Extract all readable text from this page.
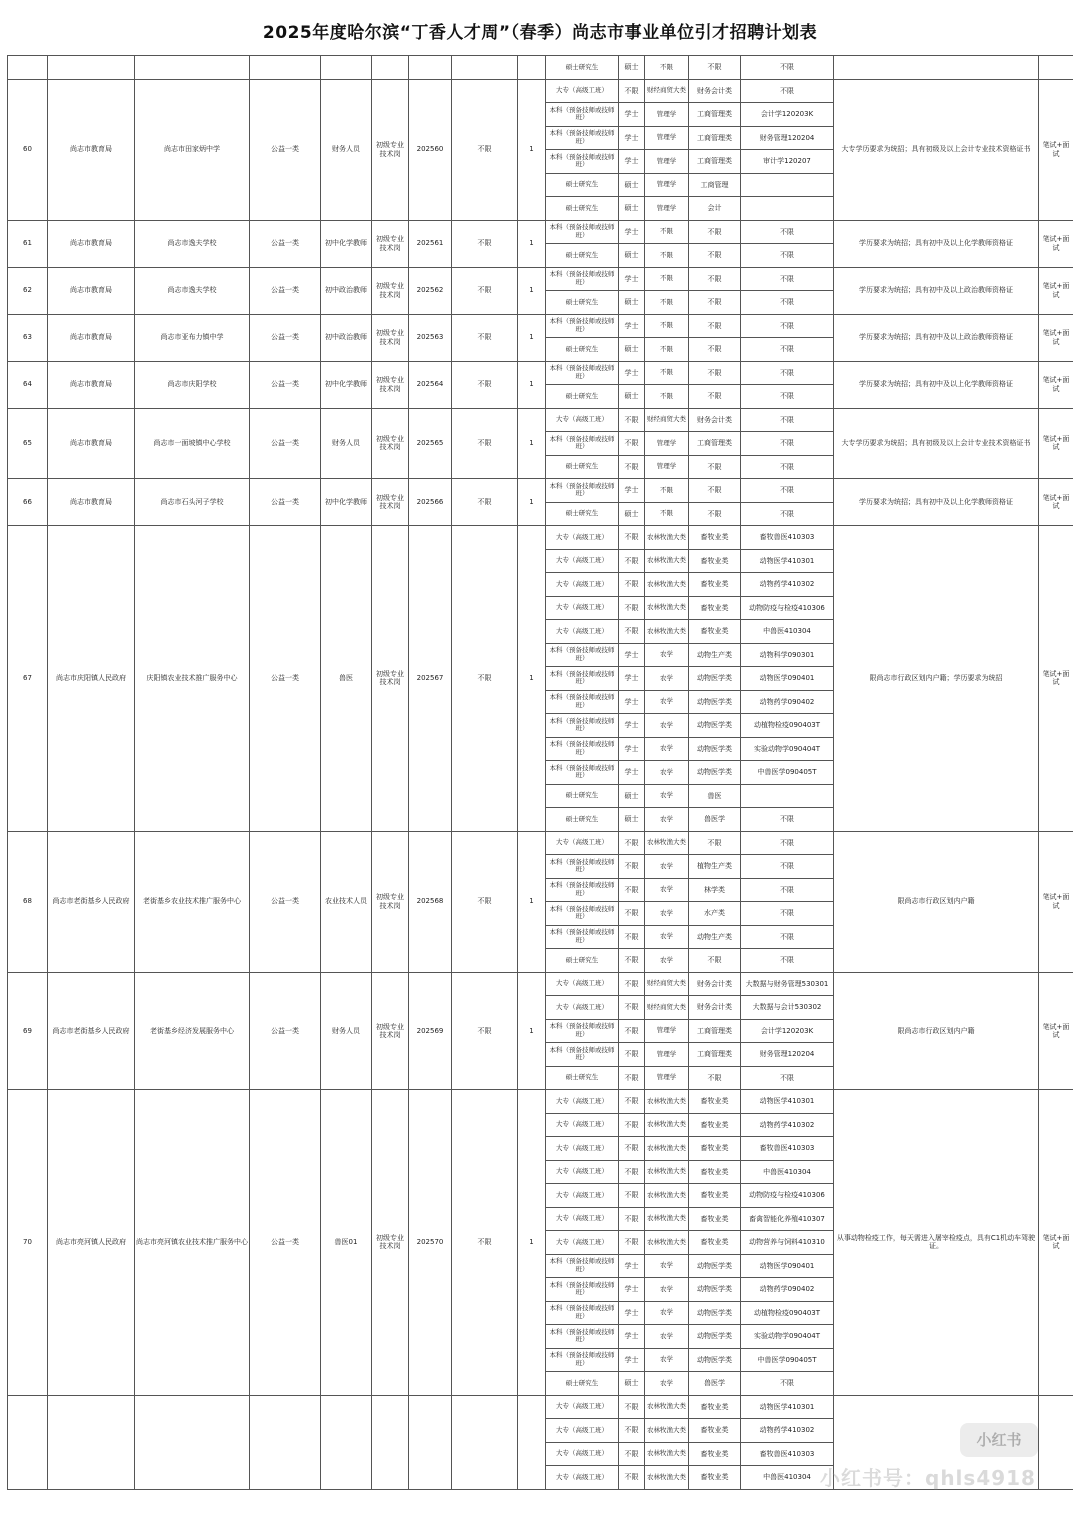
2025年度哈尔滨“丁香人才周”（春季）尚志市事业单位引才招聘计划表
									硕士研究生	硕士	不限	不限	不限		
60	尚志市教育局	尚志市田家炳中学	公益一类	财务人员	初级专业技术岗	202560	不限	1	大专（高级工班）	不限	财经商贸大类	财务会计类	不限	大专学历要求为统招；具有初级及以上会计专业技术资格证书	笔试+面试
									本科（预备技师或技师班）	学士	管理学	工商管理类	会计学120203K		
									本科（预备技师或技师班）	学士	管理学	工商管理类	财务管理120204		
									本科（预备技师或技师班）	学士	管理学	工商管理类	审计学120207		
									硕士研究生	硕士	管理学	工商管理			
									硕士研究生	硕士	管理学	会计			
61	尚志市教育局	尚志市逸夫学校	公益一类	初中化学教师	初级专业技术岗	202561	不限	1	本科（预备技师或技师班）	学士	不限	不限	不限	学历要求为统招；具有初中及以上化学教师资格证	笔试+面试
									硕士研究生	硕士	不限	不限	不限		
62	尚志市教育局	尚志市逸夫学校	公益一类	初中政治教师	初级专业技术岗	202562	不限	1	本科（预备技师或技师班）	学士	不限	不限	不限	学历要求为统招；具有初中及以上政治教师资格证	笔试+面试
									硕士研究生	硕士	不限	不限	不限		
63	尚志市教育局	尚志市亚布力镇中学	公益一类	初中政治教师	初级专业技术岗	202563	不限	1	本科（预备技师或技师班）	学士	不限	不限	不限	学历要求为统招；具有初中及以上政治教师资格证	笔试+面试
									硕士研究生	硕士	不限	不限	不限		
64	尚志市教育局	尚志市庆阳学校	公益一类	初中化学教师	初级专业技术岗	202564	不限	1	本科（预备技师或技师班）	学士	不限	不限	不限	学历要求为统招；具有初中及以上化学教师资格证	笔试+面试
									硕士研究生	硕士	不限	不限	不限		
65	尚志市教育局	尚志市一面坡镇中心学校	公益一类	财务人员	初级专业技术岗	202565	不限	1	大专（高级工班）	不限	财经商贸大类	财务会计类	不限	大专学历要求为统招；具有初级及以上会计专业技术资格证书	笔试+面试
									本科（预备技师或技师班）	不限	管理学	工商管理类	不限		
									硕士研究生	不限	管理学	不限	不限		
66	尚志市教育局	尚志市石头河子学校	公益一类	初中化学教师	初级专业技术岗	202566	不限	1	本科（预备技师或技师班）	学士	不限	不限	不限	学历要求为统招；具有初中及以上化学教师资格证	笔试+面试
									硕士研究生	硕士	不限	不限	不限		
67	尚志市庆阳镇人民政府	庆阳镇农业技术推广服务中心	公益一类	兽医	初级专业技术岗	202567	不限	1	大专（高级工班）	不限	农林牧渔大类	畜牧业类	畜牧兽医410303	限尚志市行政区划内户籍；学历要求为统招	笔试+面试
									大专（高级工班）	不限	农林牧渔大类	畜牧业类	动物医学410301		
									大专（高级工班）	不限	农林牧渔大类	畜牧业类	动物药学410302		
									大专（高级工班）	不限	农林牧渔大类	畜牧业类	动物防疫与检疫410306		
									大专（高级工班）	不限	农林牧渔大类	畜牧业类	中兽医410304		
									本科（预备技师或技师班）	学士	农学	动物生产类	动物科学090301		
									本科（预备技师或技师班）	学士	农学	动物医学类	动物医学090401		
									本科（预备技师或技师班）	学士	农学	动物医学类	动物药学090402		
									本科（预备技师或技师班）	学士	农学	动物医学类	动植物检疫090403T		
									本科（预备技师或技师班）	学士	农学	动物医学类	实验动物学090404T		
									本科（预备技师或技师班）	学士	农学	动物医学类	中兽医学090405T		
									硕士研究生	硕士	农学	兽医			
									硕士研究生	硕士	农学	兽医学	不限		
68	尚志市老街基乡人民政府	老街基乡农业技术推广服务中心	公益一类	农业技术人员	初级专业技术岗	202568	不限	1	大专（高级工班）	不限	农林牧渔大类	不限	不限	限尚志市行政区划内户籍	笔试+面试
									本科（预备技师或技师班）	不限	农学	植物生产类	不限		
									本科（预备技师或技师班）	不限	农学	林学类	不限		
									本科（预备技师或技师班）	不限	农学	水产类	不限		
									本科（预备技师或技师班）	不限	农学	动物生产类	不限		
									硕士研究生	不限	农学	不限	不限		
69	尚志市老街基乡人民政府	老街基乡经济发展服务中心	公益一类	财务人员	初级专业技术岗	202569	不限	1	大专（高级工班）	不限	财经商贸大类	财务会计类	大数据与财务管理530301	限尚志市行政区划内户籍	笔试+面试
									大专（高级工班）	不限	财经商贸大类	财务会计类	大数据与会计530302		
									本科（预备技师或技师班）	不限	管理学	工商管理类	会计学120203K		
									本科（预备技师或技师班）	不限	管理学	工商管理类	财务管理120204		
									硕士研究生	不限	管理学	不限	不限		
70	尚志市亮河镇人民政府	尚志市亮河镇农业技术推广服务中心	公益一类	兽医01	初级专业技术岗	202570	不限	1	大专（高级工班）	不限	农林牧渔大类	畜牧业类	动物医学410301	从事动物检疫工作，每天需进入屠宰检疫点，具有C1机动车驾驶证。	笔试+面试
									大专（高级工班）	不限	农林牧渔大类	畜牧业类	动物药学410302		
									大专（高级工班）	不限	农林牧渔大类	畜牧业类	畜牧兽医410303		
									大专（高级工班）	不限	农林牧渔大类	畜牧业类	中兽医410304		
									大专（高级工班）	不限	农林牧渔大类	畜牧业类	动物防疫与检疫410306		
									大专（高级工班）	不限	农林牧渔大类	畜牧业类	畜禽智能化养殖410307		
									大专（高级工班）	不限	农林牧渔大类	畜牧业类	动物营养与饲料410310		
									本科（预备技师或技师班）	学士	农学	动物医学类	动物医学090401		
									本科（预备技师或技师班）	学士	农学	动物医学类	动物药学090402		
									本科（预备技师或技师班）	学士	农学	动物医学类	动植物检疫090403T		
									本科（预备技师或技师班）	学士	农学	动物医学类	实验动物学090404T		
									本科（预备技师或技师班）	学士	农学	动物医学类	中兽医学090405T		
									硕士研究生	硕士	农学	兽医学	不限		
									大专（高级工班）	不限	农林牧渔大类	畜牧业类	动物医学410301		
									大专（高级工班）	不限	农林牧渔大类	畜牧业类	动物药学410302		
									大专（高级工班）	不限	农林牧渔大类	畜牧业类	畜牧兽医410303		
									大专（高级工班）	不限	农林牧渔大类	畜牧业类	中兽医410304		
小红书
小红书号：qhls4918
